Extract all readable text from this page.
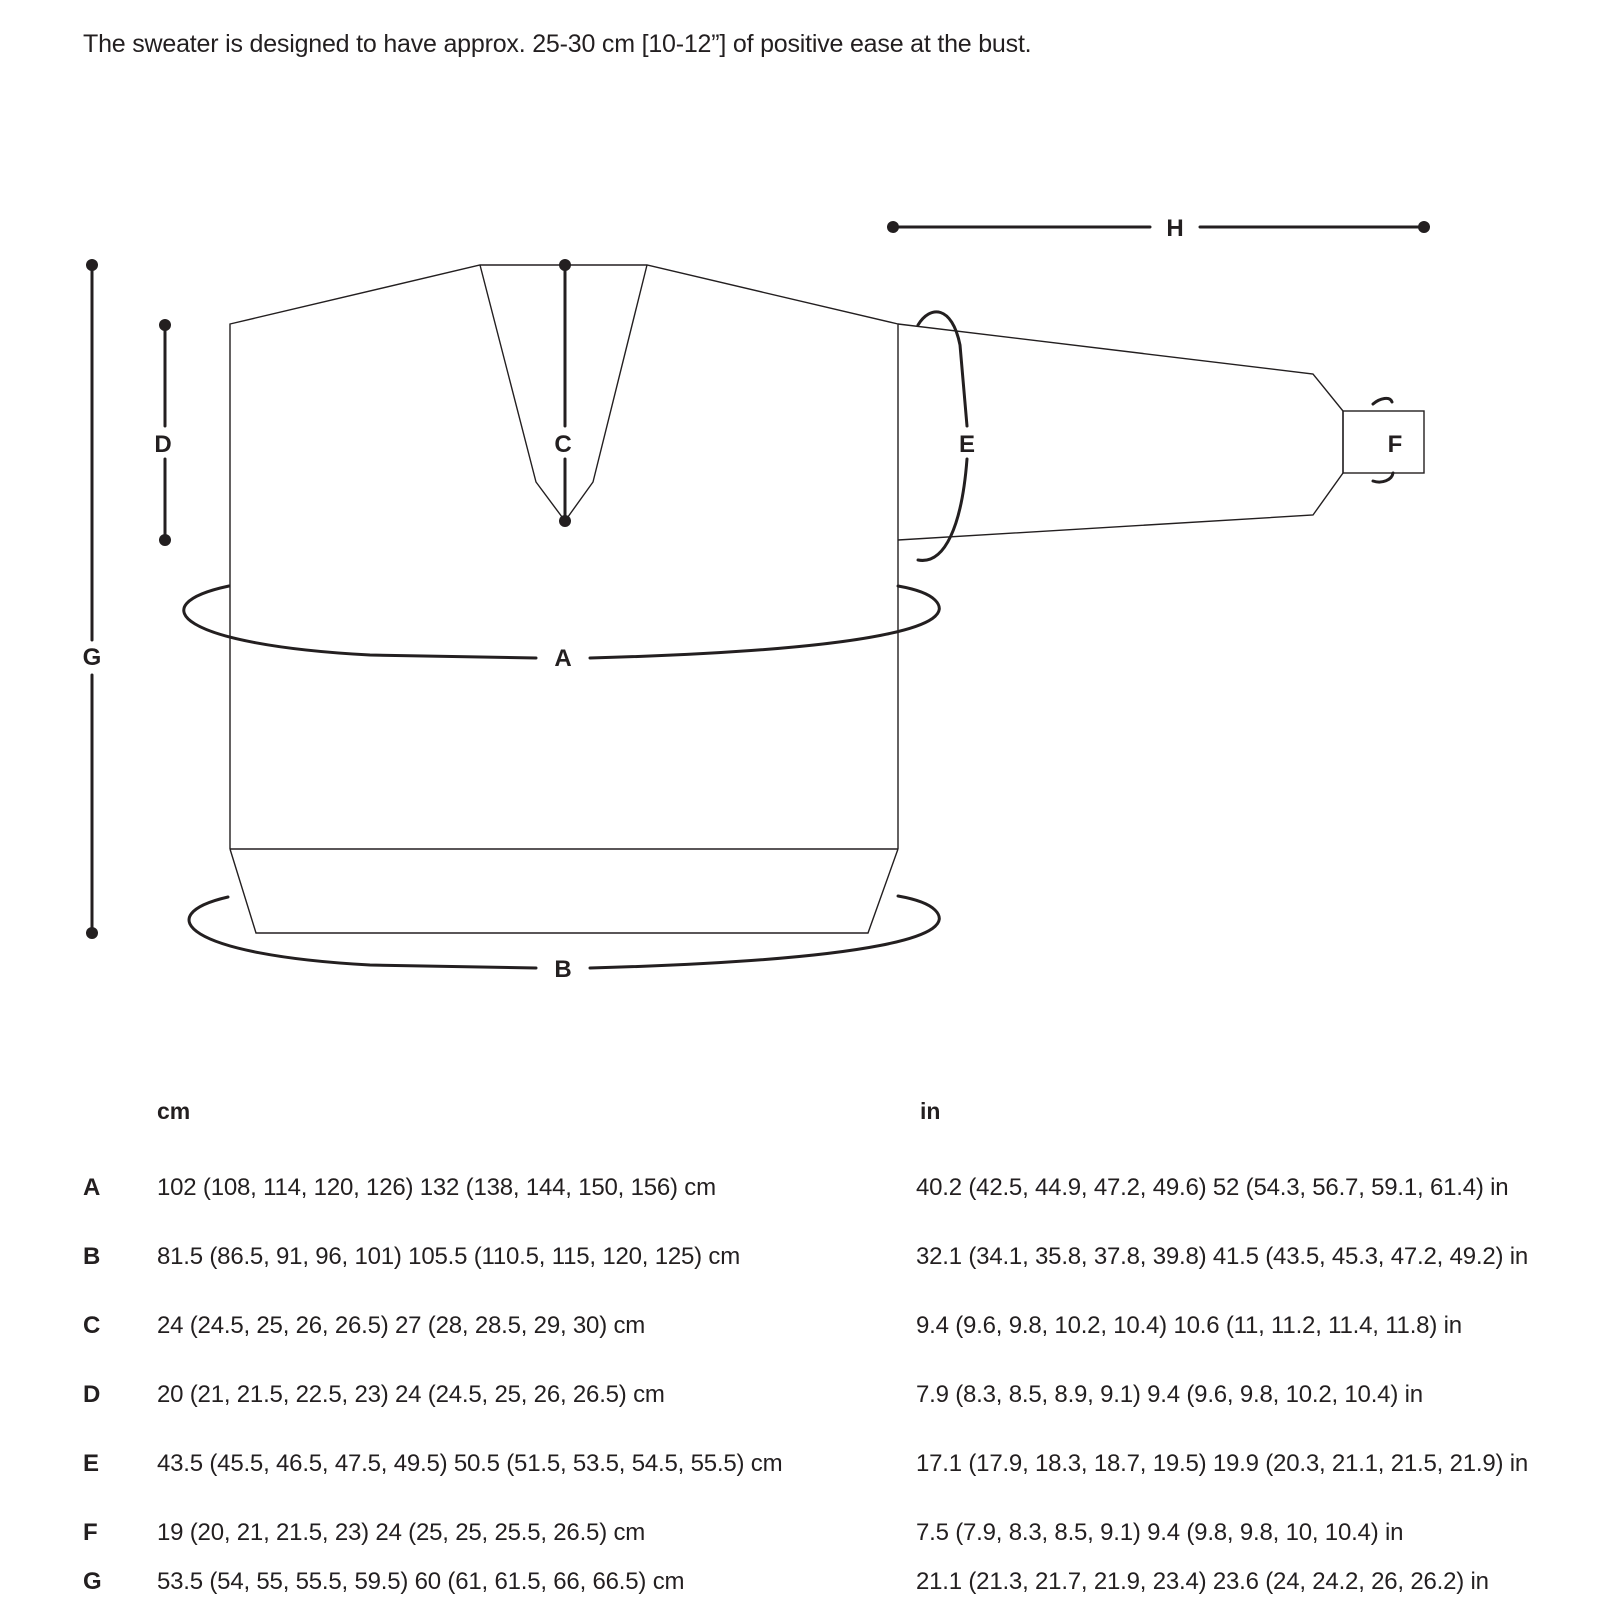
The sweater is designed to have approx. 25-30 cm [10-12”] of positive ease at the bust.
H
D	C	E	F
G	A
B
cm	in
A 102 (108, 114, 120, 126) 132 (138, 144, 150, 156) cm	40.2 (42.5, 44.9, 47.2, 49.6) 52 (54.3, 56.7, 59.1, 61.4) in
B 81.5 (86.5, 91, 96, 101) 105.5 (110.5, 115, 120, 125) cm	32.1 (34.1, 35.8, 37.8, 39.8) 41.5 (43.5, 45.3, 47.2, 49.2) in
C 24 (24.5, 25, 26, 26.5) 27 (28, 28.5, 29, 30) cm	9.4 (9.6, 9.8, 10.2, 10.4) 10.6 (11, 11.2, 11.4, 11.8) in
D 20 (21, 21.5, 22.5, 23) 24 (24.5, 25, 26, 26.5) cm	7.9 (8.3, 8.5, 8.9, 9.1) 9.4 (9.6, 9.8, 10.2, 10.4) in
E 43.5 (45.5, 46.5, 47.5, 49.5) 50.5 (51.5, 53.5, 54.5, 55.5) cm	17.1 (17.9, 18.3, 18.7, 19.5) 19.9 (20.3, 21.1, 21.5, 21.9) in
F 19 (20, 21, 21.5, 23) 24 (25, 25, 25.5, 26.5) cm	7.5 (7.9, 8.3, 8.5, 9.1) 9.4 (9.8, 9.8, 10, 10.4) in
G 53.5 (54, 55, 55.5, 59.5) 60 (61, 61.5, 66, 66.5) cm	21.1 (21.3, 21.7, 21.9, 23.4) 23.6 (24, 24.2, 26, 26.2) in
